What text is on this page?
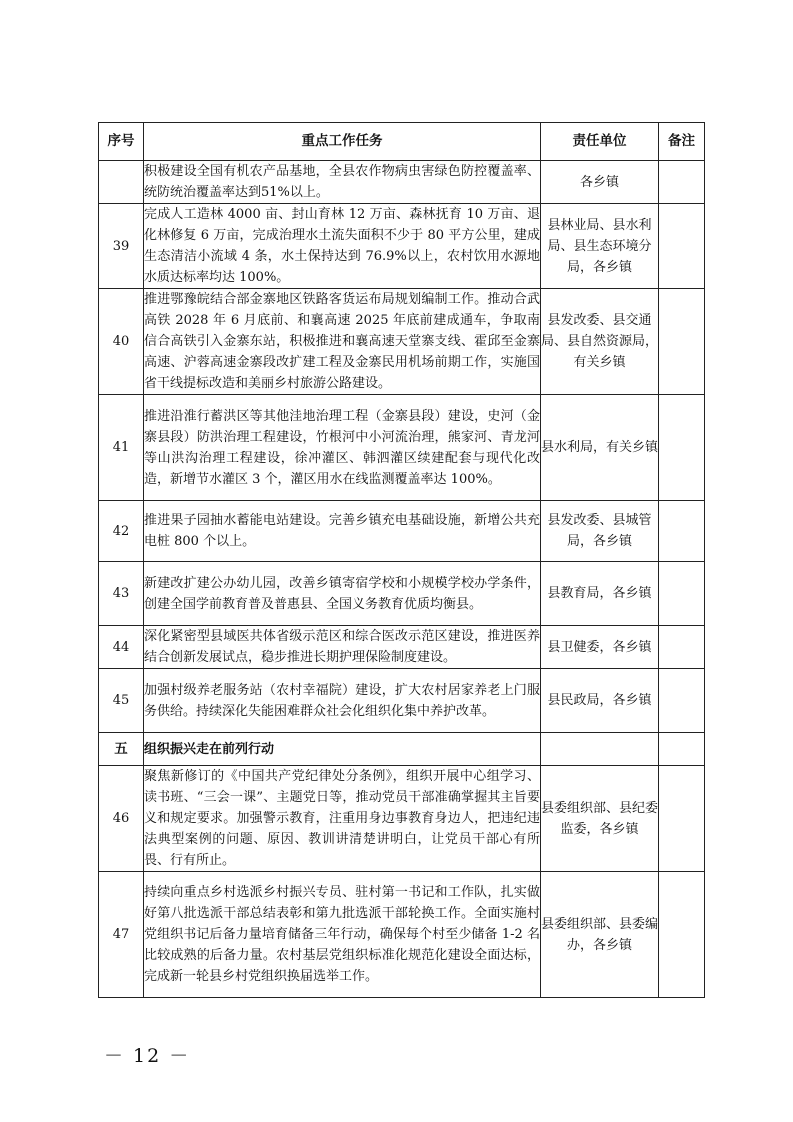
序号	重点工作任务	责任单位	备注
	积极建设全国有机农产品基地，全县农作物病虫害绿色防控覆盖率、统防统治覆盖率达到51%以上。	各乡镇	
39	完成人工造林 4000 亩、封山育林 12 万亩、森林抚育 10 万亩、退化林修复 6 万亩，完成治理水土流失面积不少于 80 平方公里，建成生态清洁小流域 4 条，水土保持达到 76.9%以上，农村饮用水源地水质达标率均达 100%。	县林业局、县水利局、县生态环境分局，各乡镇	
40	推进鄂豫皖结合部金寨地区铁路客货运布局规划编制工作。推动合武高铁 2028 年 6 月底前、和襄高速 2025 年底前建成通车，争取南信合高铁引入金寨东站，积极推进和襄高速天堂寨支线、霍邱至金寨高速、沪蓉高速金寨段改扩建工程及金寨民用机场前期工作，实施国省干线提标改造和美丽乡村旅游公路建设。	县发改委、县交通局、县自然资源局，有关乡镇	
41	推进沿淮行蓄洪区等其他洼地治理工程（金寨县段）建设，史河（金寨县段）防洪治理工程建设，竹根河中小河流治理，熊家河、青龙河等山洪沟治理工程建设，徐冲灌区、韩泗灌区续建配套与现代化改造，新增节水灌区 3 个，灌区用水在线监测覆盖率达 100%。	县水利局，有关乡镇	
42	推进果子园抽水蓄能电站建设。完善乡镇充电基础设施，新增公共充电桩 800 个以上。	县发改委、县城管局，各乡镇	
43	新建改扩建公办幼儿园，改善乡镇寄宿学校和小规模学校办学条件，创建全国学前教育普及普惠县、全国义务教育优质均衡县。	县教育局，各乡镇	
44	深化紧密型县域医共体省级示范区和综合医改示范区建设，推进医养结合创新发展试点，稳步推进长期护理保险制度建设。	县卫健委，各乡镇	
45	加强村级养老服务站（农村幸福院）建设，扩大农村居家养老上门服务供给。持续深化失能困难群众社会化组织化集中养护改革。	县民政局，各乡镇	
五	组织振兴走在前列行动		
46	聚焦新修订的《中国共产党纪律处分条例》，组织开展中心组学习、读书班、“三会一课”、主题党日等，推动党员干部准确掌握其主旨要义和规定要求。加强警示教育，注重用身边事教育身边人，把违纪违法典型案例的问题、原因、教训讲清楚讲明白，让党员干部心有所畏、行有所止。	县委组织部、县纪委监委，各乡镇	
47	持续向重点乡村选派乡村振兴专员、驻村第一书记和工作队，扎实做好第八批选派干部总结表彰和第九批选派干部轮换工作。全面实施村党组织书记后备力量培育储备三年行动，确保每个村至少储备 1-2 名比较成熟的后备力量。农村基层党组织标准化规范化建设全面达标，完成新一轮县乡村党组织换届选举工作。	县委组织部、县委编办，各乡镇	
－ 12 －
